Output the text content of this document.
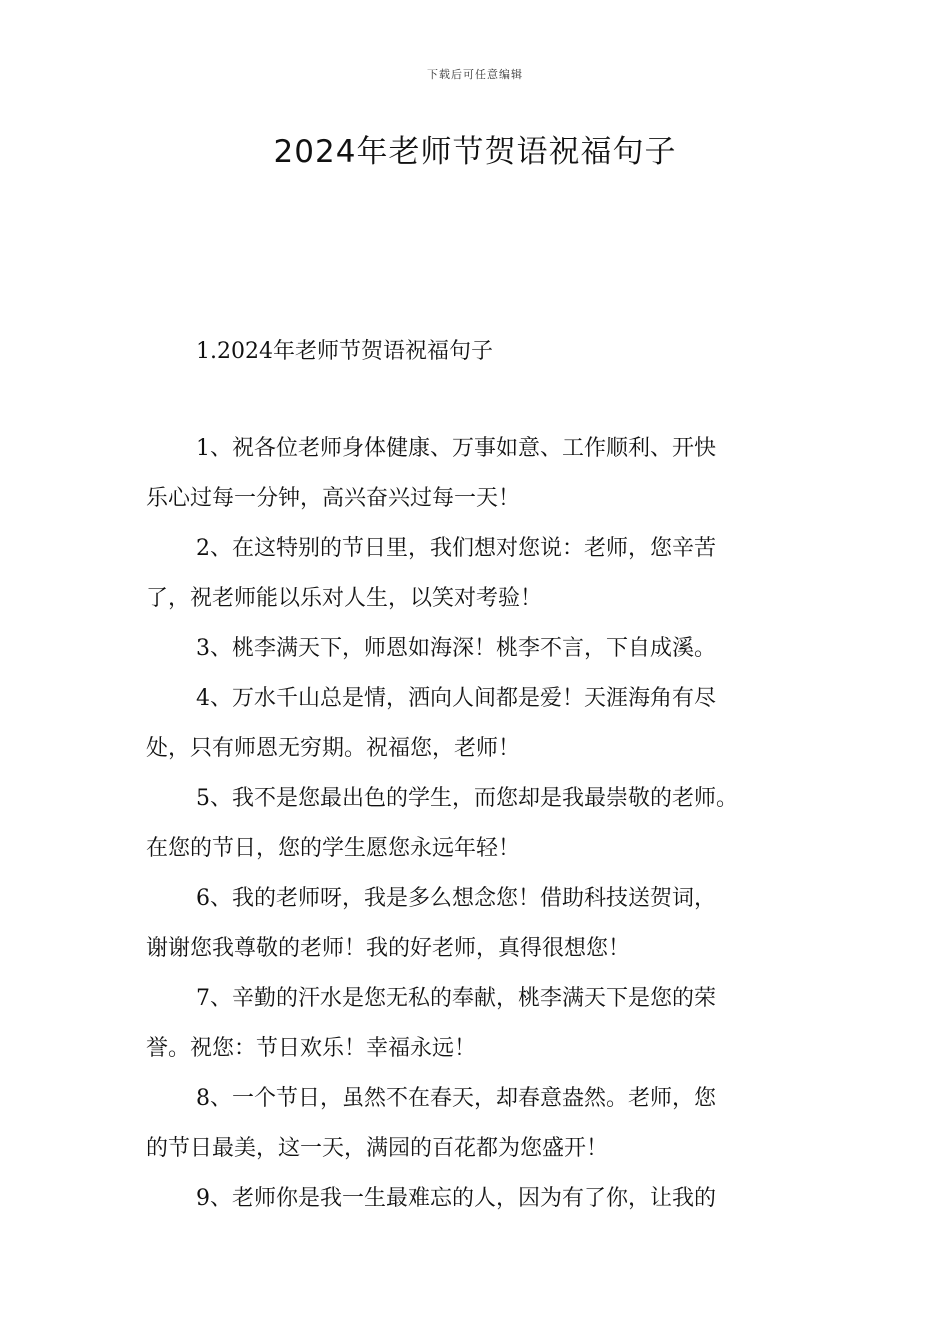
下载后可任意编辑
2024年老师节贺语祝福句子
1.2024年老师节贺语祝福句子

1、祝各位老师身体健康、万事如意、工作顺利、开快
乐心过每一分钟，高兴奋兴过每一天！

2、在这特别的节日里，我们想对您说：老师，您辛苦
了，祝老师能以乐对人生，以笑对考验！

3、桃李满天下，师恩如海深！桃李不言，下自成溪。

4、万水千山总是情，洒向人间都是爱！天涯海角有尽
处，只有师恩无穷期。祝福您，老师！

5、我不是您最出色的学生，而您却是我最崇敬的老师。
在您的节日，您的学生愿您永远年轻！

6、我的老师呀，我是多么想念您！借助科技送贺词，
谢谢您我尊敬的老师！我的好老师，真得很想您！

7、辛勤的汗水是您无私的奉献，桃李满天下是您的荣
誉。祝您：节日欢乐！幸福永远！

8、一个节日，虽然不在春天，却春意盎然。老师，您
的节日最美，这一天，满园的百花都为您盛开！

9、老师你是我一生最难忘的人，因为有了你，让我的
